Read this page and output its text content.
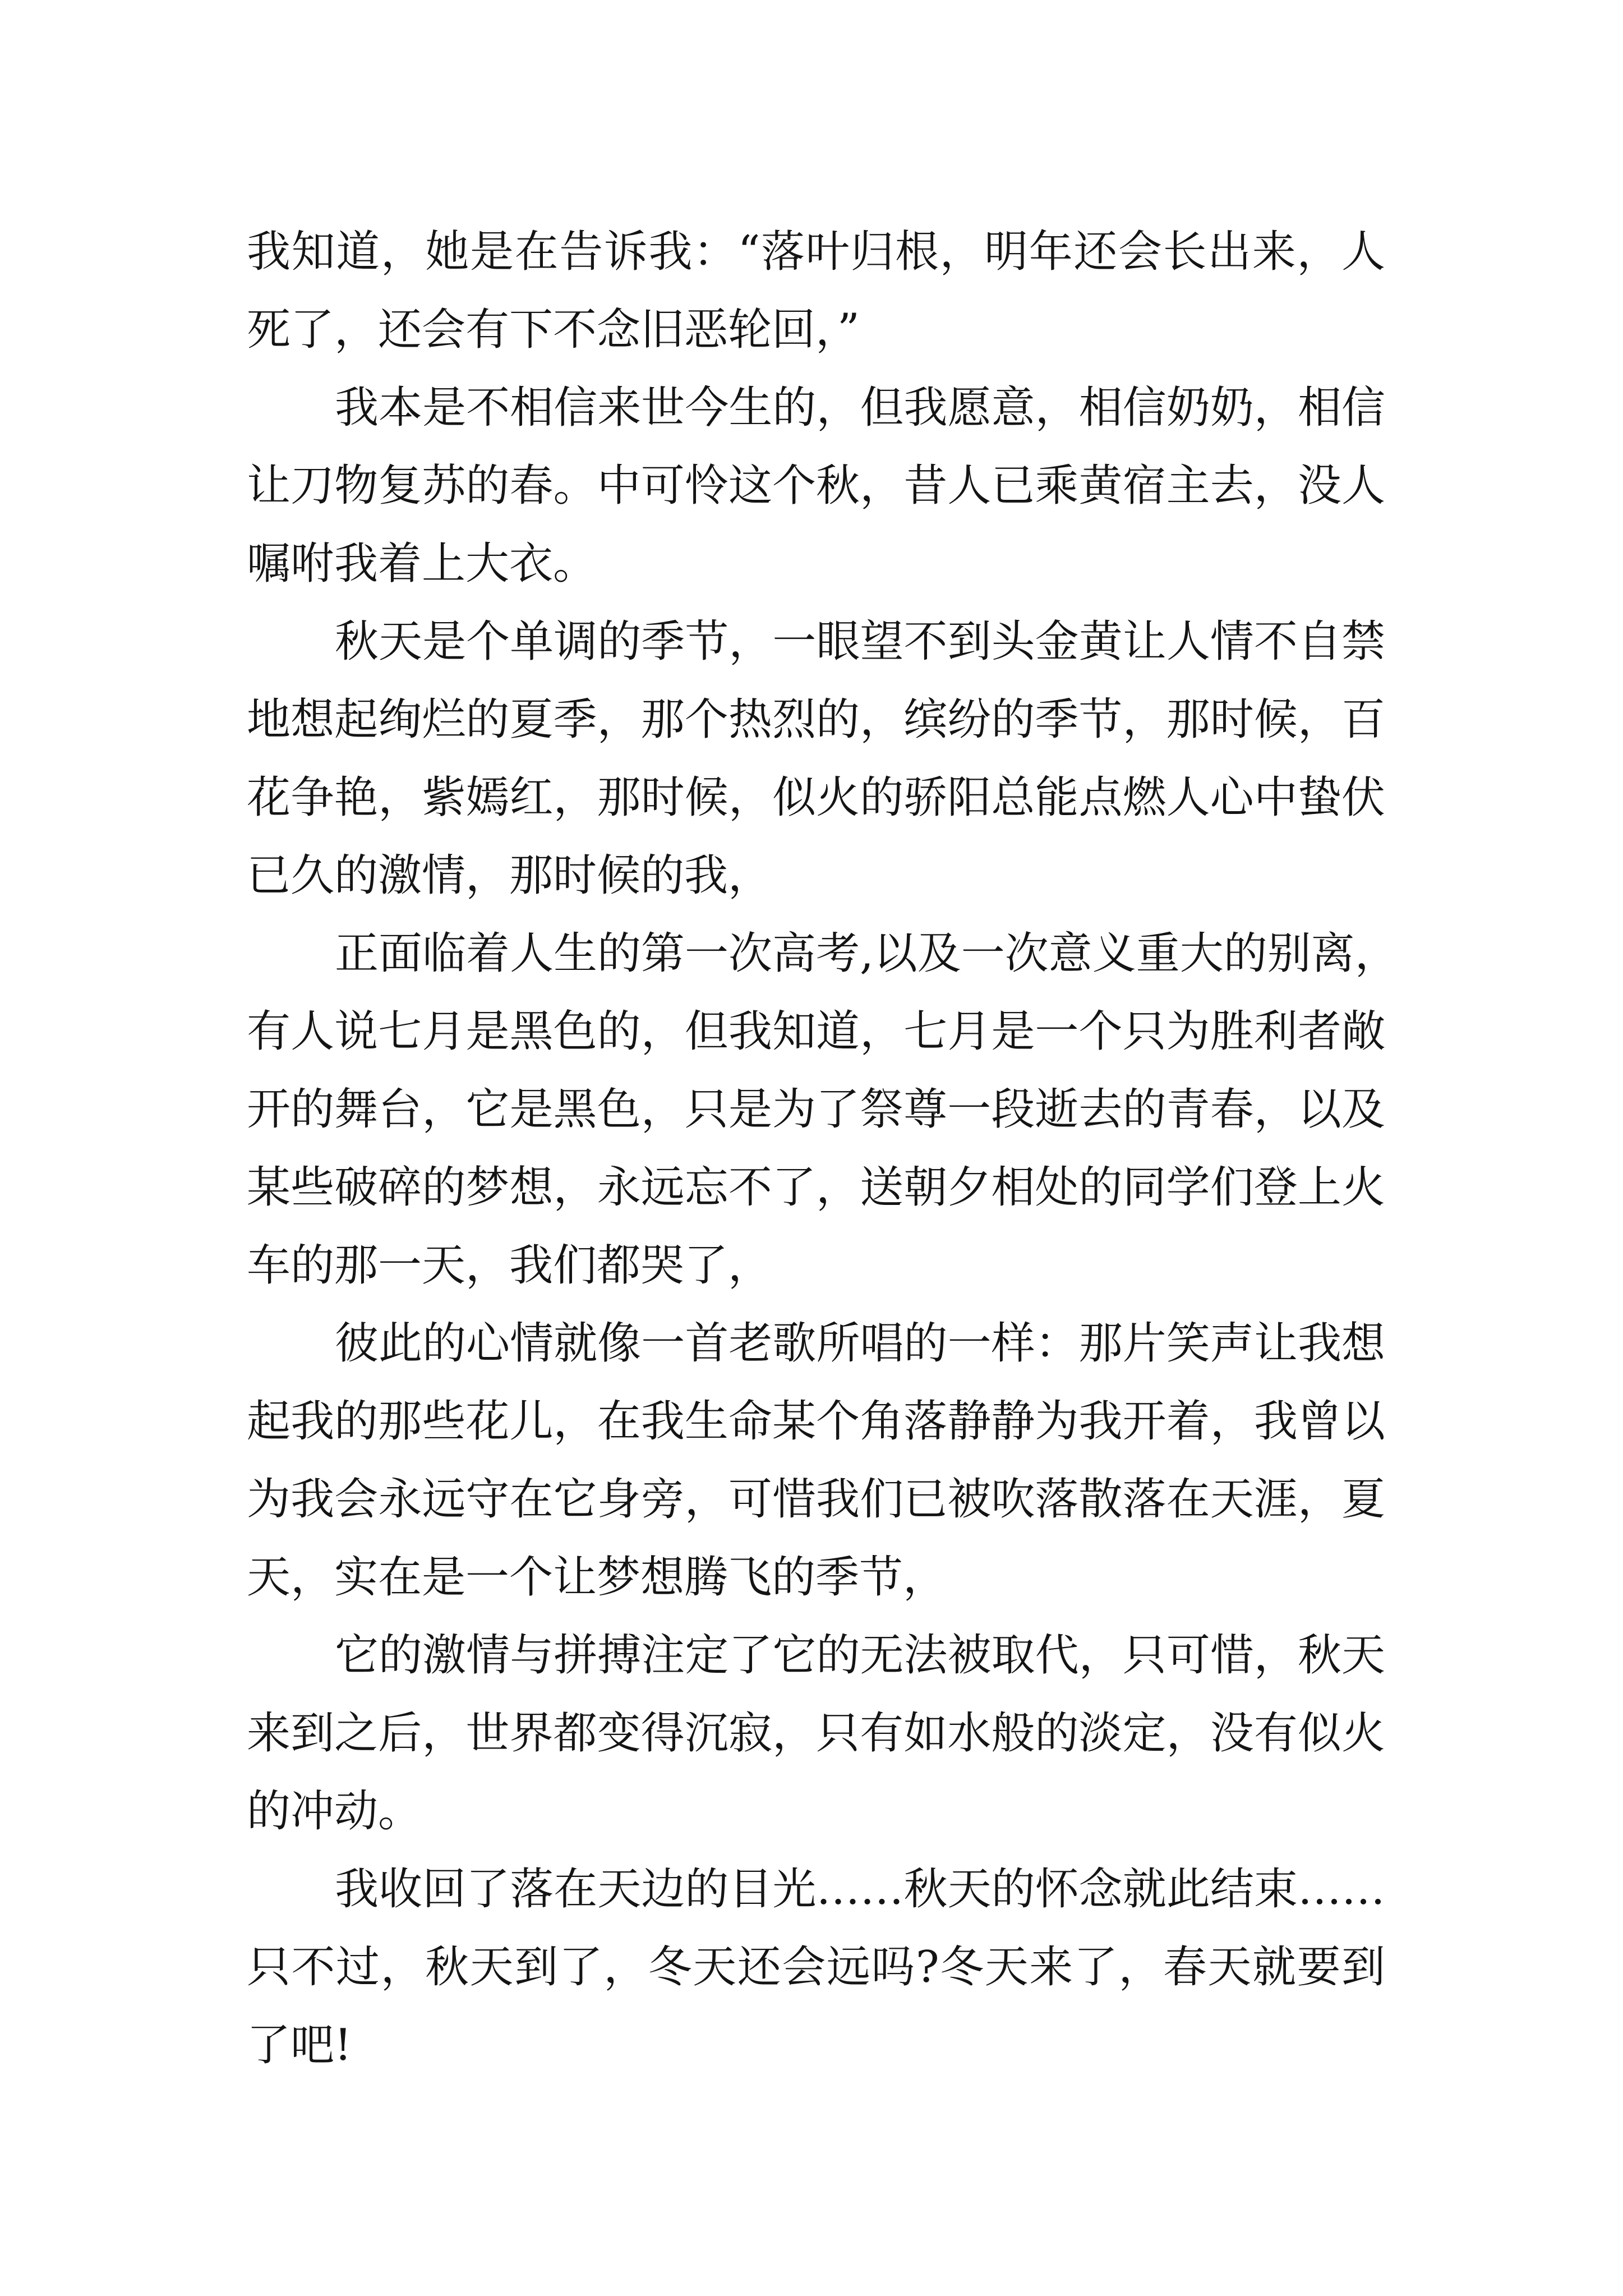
我知道，她是在告诉我：“落叶归根，明年还会长出来，人
死了，还会有下不念旧恶轮回，”
我本是不相信来世今生的，但我愿意，相信奶奶，相信
让刀物复苏的春。中可怜这个秋，昔人已乘黄宿主去，没人
嘱咐我着上大衣。
秋天是个单调的季节，一眼望不到头金黄让人情不自禁
地想起绚烂的夏季，那个热烈的，缤纷的季节，那时候，百
花争艳，紫嫣红，那时候，似火的骄阳总能点燃人心中蛰伏
已久的激情，那时候的我，
正面临着人生的第一次高考,以及一次意义重大的别离，
有人说七月是黑色的，但我知道，七月是一个只为胜利者敞
开的舞台，它是黑色，只是为了祭尊一段逝去的青春，以及
某些破碎的梦想，永远忘不了，送朝夕相处的同学们登上火
车的那一天，我们都哭了，
彼此的心情就像一首老歌所唱的一样：那片笑声让我想
起我的那些花儿，在我生命某个角落静静为我开着，我曾以
为我会永远守在它身旁，可惜我们已被吹落散落在天涯，夏
天，实在是一个让梦想腾飞的季节，
它的激情与拼搏注定了它的无法被取代，只可惜，秋天
来到之后，世界都变得沉寂，只有如水般的淡定，没有似火
的冲动。
我收回了落在天边的目光……秋天的怀念就此结束……
只不过，秋天到了，冬天还会远吗?冬天来了，春天就要到
了吧!
